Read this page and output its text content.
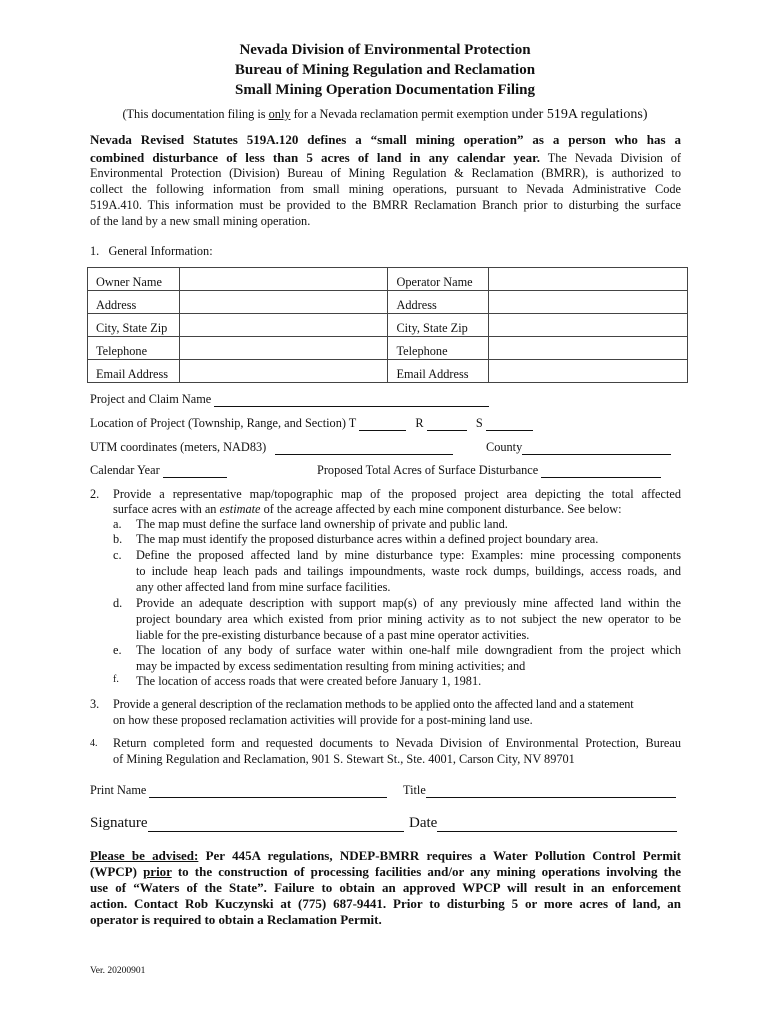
Nevada Division of Environmental Protection
Bureau of Mining Regulation and Reclamation
Small Mining Operation Documentation Filing
(This documentation filing is only for a Nevada reclamation permit exemption under 519A regulations)
Nevada Revised Statutes 519A.120 defines a “small mining operation” as a person who has a
combined disturbance of less than 5 acres of land in any calendar year. The Nevada Division of
Environmental Protection (Division) Bureau of Mining Regulation & Reclamation (BMRR), is authorized to
collect the following information from small mining operations, pursuant to Nevada Administrative Code
519A.410. This information must be provided to the BMRR Reclamation Branch prior to disturbing the surface
of the land by a new small mining operation.
1. General Information:
Owner Name		Operator Name	
Address		Address	
City, State Zip		City, State Zip	
Telephone		Telephone	
Email Address		Email Address	
Project and Claim Name
Location of Project (Township, Range, and Section) T	R	S
UTM coordinates (meters, NAD83)	County
Calendar Year	Proposed Total Acres of Surface Disturbance
2. Provide a representative map/topographic map of the proposed project area depicting the total affected
surface acres with an estimate of the acreage affected by each mine component disturbance. See below:
a. The map must define the surface land ownership of private and public land.
b. The map must identify the proposed disturbance acres within a defined project boundary area.
c. Define the proposed affected land by mine disturbance type: Examples: mine processing components
to include heap leach pads and tailings impoundments, waste rock dumps, buildings, access roads, and
any other affected land from mine surface facilities.
d. Provide an adequate description with support map(s) of any previously mine affected land within the
project boundary area which existed from prior mining activity as to not subject the new operator to be
liable for the pre-existing disturbance because of a past mine operator activities.
e. The location of any body of surface water within one-half mile downgradient from the project which
may be impacted by excess sedimentation resulting from mining activities; and
f. The location of access roads that were created before January 1, 1981.
3. Provide a general description of the reclamation methods to be applied onto the affected land and a statement
on how these proposed reclamation activities will provide for a post-mining land use.
4. Return completed form and requested documents to Nevada Division of Environmental Protection, Bureau
of Mining Regulation and Reclamation, 901 S. Stewart St., Ste. 4001, Carson City, NV 89701
Print Name	Title
Signature	Date
Please be advised: Per 445A regulations, NDEP-BMRR requires a Water Pollution Control Permit
(WPCP) prior to the construction of processing facilities and/or any mining operations involving the
use of “Waters of the State”. Failure to obtain an approved WPCP will result in an enforcement
action. Contact Rob Kuczynski at (775) 687-9441. Prior to disturbing 5 or more acres of land, an
operator is required to obtain a Reclamation Permit.
Ver. 20200901
